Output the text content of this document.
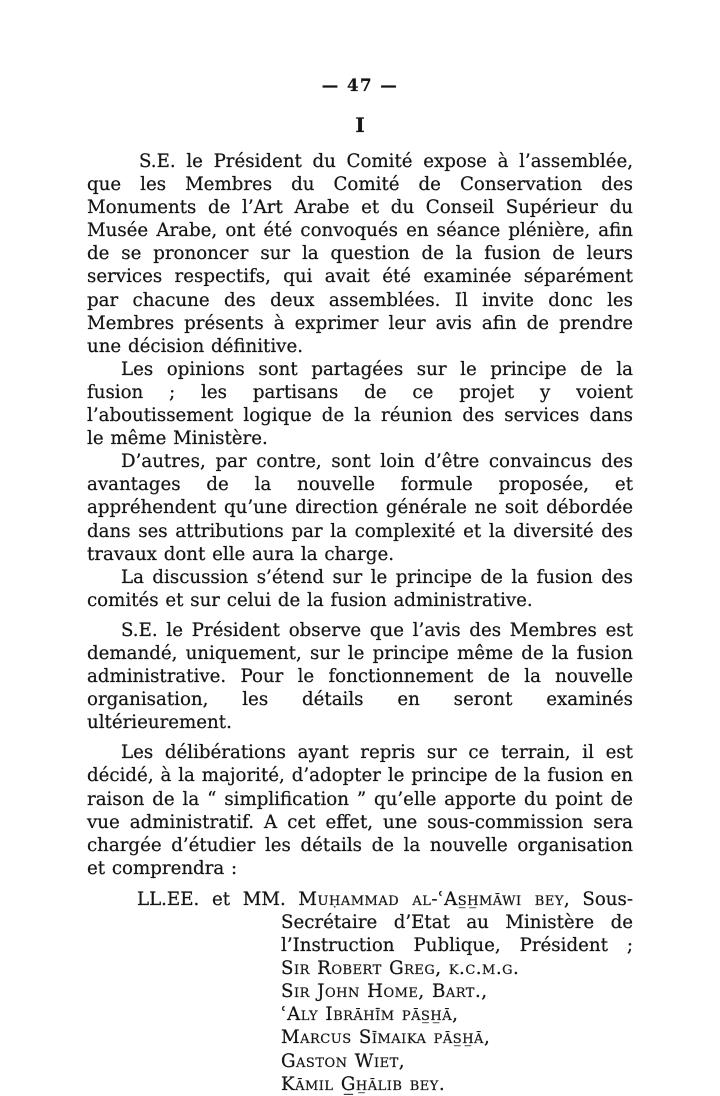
— 47 —
I

S.E. le Président du Comité expose à l’assemblée, que les Membres du Comité de Conservation des Monuments de l’Art Arabe et du Conseil Supérieur du Musée Arabe, ont été convoqués en séance plénière, afin de se prononcer sur la question de la fusion de leurs services respectifs, qui avait été examinée séparément par chacune des deux assemblées. Il invite donc les Membres présents à exprimer leur avis afin de prendre une décision définitive.

Les opinions sont partagées sur le principe de la fusion ; les partisans de ce projet y voient l’aboutissement logique de la réunion des services dans le même Ministère.

D’autres, par contre, sont loin d’être convaincus des avantages de la nouvelle formule proposée, et appréhendent qu’une direction générale ne soit débordée dans ses attributions par la complexité et la diversité des travaux dont elle aura la charge.

La discussion s’étend sur le principe de la fusion des comités et sur celui de la fusion administrative.

S.E. le Président observe que l’avis des Membres est demandé, uniquement, sur le principe même de la fusion administrative. Pour le fonctionnement de la nouvelle organisation, les détails en seront examinés ultérieurement.

Les délibérations ayant repris sur ce terrain, il est décidé, à la majorité, d’adopter le principe de la fusion en raison de la “ simplification ” qu’elle apporte du point de vue administratif. A cet effet, une sous-commission sera chargée d’étudier les détails de la nouvelle organisation et comprendra :

LL.EE. et MM. Muḥammad al-ʿAs̲h̲māwi bey, Sous-
Secrétaire d’Etat au Ministère de
l’Instruction Publique, Président ;
Sir Robert Greg, k.c.m.g.
Sir John Home, Bart.,
ʿAly Ibrāhīm pās̲h̲ā,
Marcus Sīmaika pās̲h̲ā,
Gaston Wiet,
Kāmil G̲h̲ālib bey.
